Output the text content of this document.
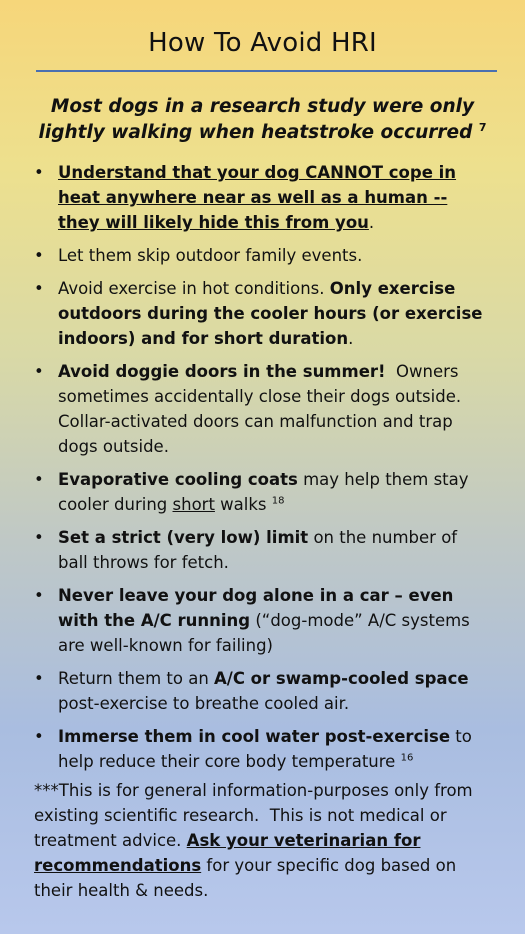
How To Avoid HRI
Most dogs in a research study were only lightly walking when heatstroke occurred $^7$
• Understand that your dog CANNOT cope in heat anywhere near as well as a human -- they will likely hide this from you.
• Let them skip outdoor family events.
• Avoid exercise in hot conditions. Only exercise outdoors during the cooler hours (or exercise indoors) and for short duration.
• Avoid doggie doors in the summer!  Owners sometimes accidentally close their dogs outside.  Collar-activated doors can malfunction and trap dogs outside.
• Evaporative cooling coats may help them stay cooler during short walks $^{18}$
• Set a strict (very low) limit on the number of ball throws for fetch.
• Never leave your dog alone in a car – even with the A/C running (“dog-mode” A/C systems are well-known for failing)
• Return them to an A/C or swamp-cooled space post-exercise to breathe cooled air.
• Immerse them in cool water post-exercise to help reduce their core body temperature $^{16}$
***This is for general information-purposes only from existing scientific research.  This is not medical or treatment advice. Ask your veterinarian for recommendations for your specific dog based on their health & needs.
